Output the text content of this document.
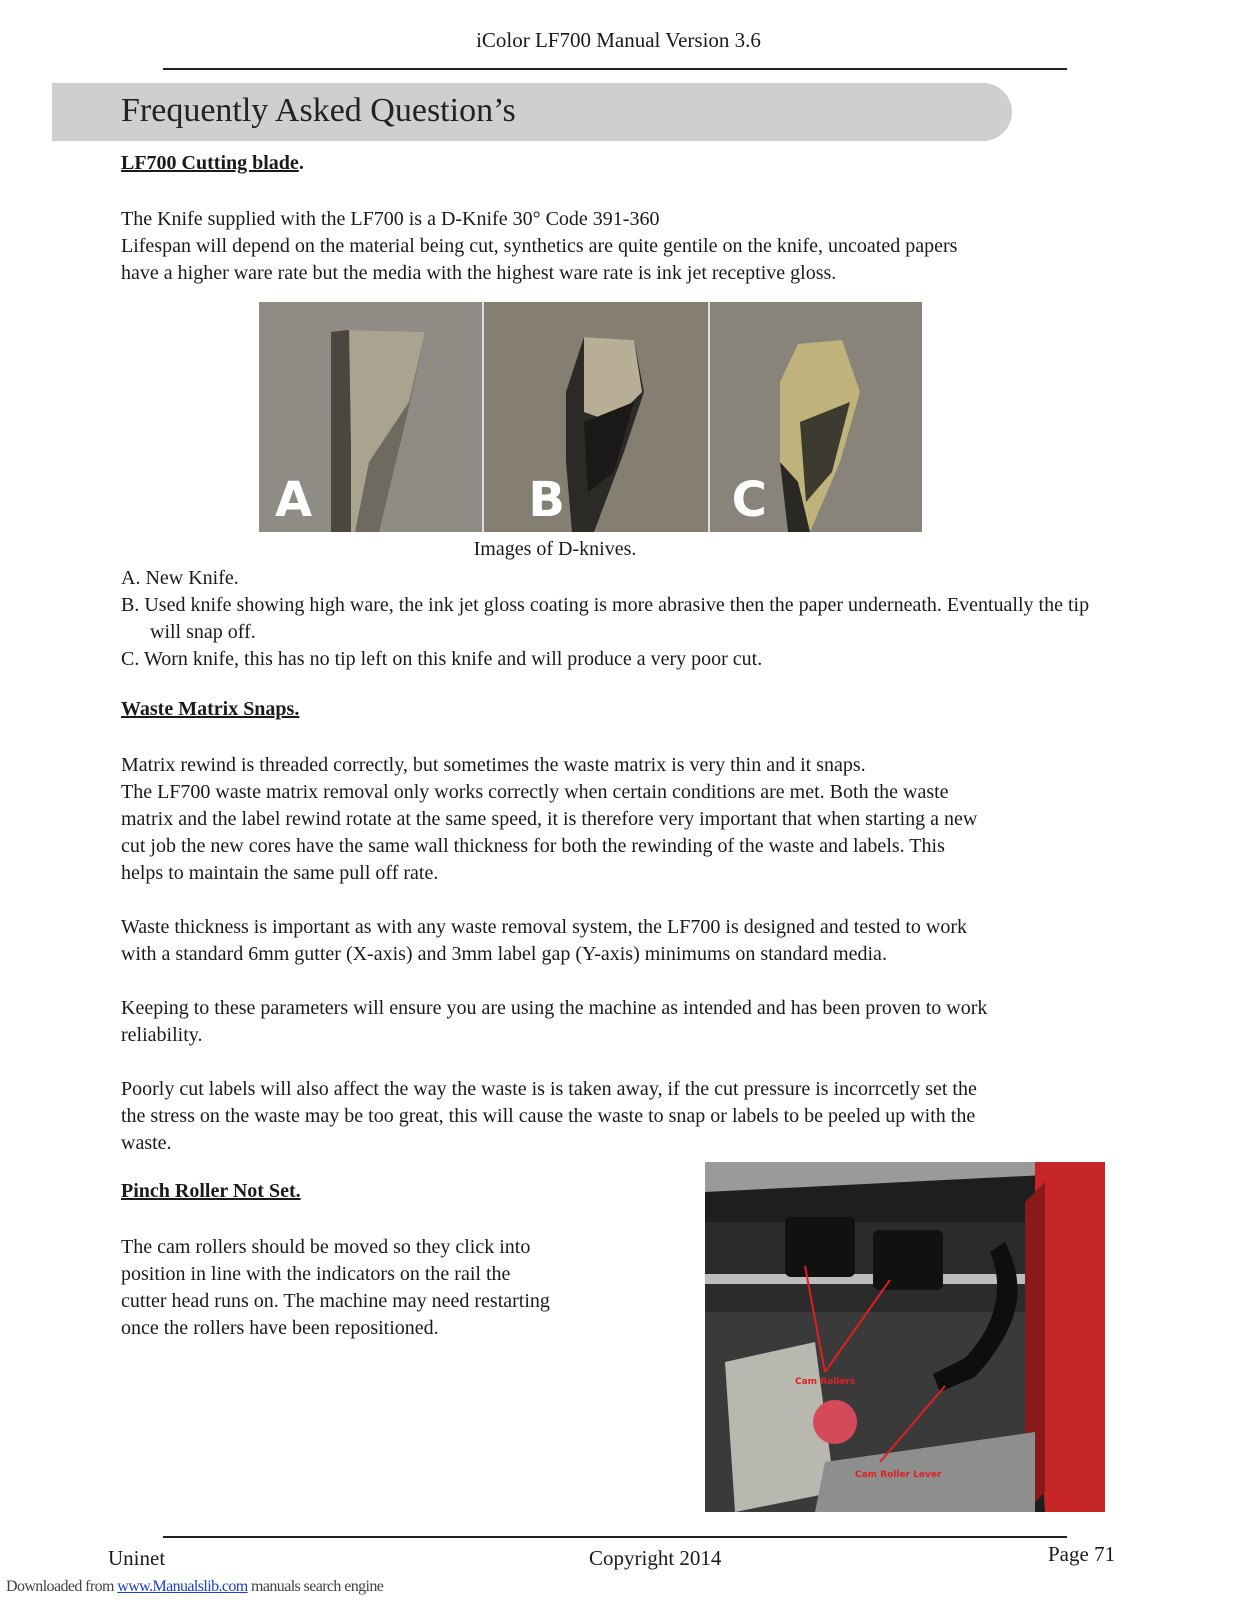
iColor LF700 Manual Version 3.6
Frequently Asked Question’s
LF700 Cutting blade.

The Knife supplied with the LF700 is a D-Knife 30° Code 391-360

Lifespan will depend on the material being cut, synthetics are quite gentile on the knife, uncoated papers

have a higher ware rate but the media with the highest ware rate is ink jet receptive gloss.

A	B	C
Images of D-knives.
A. New Knife.
B. Used knife showing high ware, the ink jet gloss coating is more abrasive then the paper underneath. Eventually the tip will snap off.
C. Worn knife, this has no tip left on this knife and will produce a very poor cut.
Waste Matrix Snaps.

Matrix rewind is threaded correctly, but sometimes the waste matrix is very thin and it snaps.

The LF700 waste matrix removal only works correctly when certain conditions are met. Both the waste

matrix and the label rewind rotate at the same speed, it is therefore very important that when starting a new

cut job the new cores have the same wall thickness for both the rewinding of the waste and labels. This

helps to maintain the same pull off rate.

Waste thickness is important as with any waste removal system, the LF700 is designed and tested to work

with a standard 6mm gutter (X-axis) and 3mm label gap (Y-axis) minimums on standard media.

Keeping to these parameters will ensure you are using the machine as intended and has been proven to work

reliability.

Poorly cut labels will also affect the way the waste is is taken away, if the cut pressure is incorrcetly set the

the stress on the waste may be too great, this will cause the waste to snap or labels to be peeled up with the

waste.

Pinch Roller Not Set.

The cam rollers should be moved so they click into

position in line with the indicators on the rail the

cutter head runs on. The machine may need restarting

once the rollers have been repositioned.

Cam Rollers
Cam Roller Lever
Uninet	Copyright 2014	Page 71
Downloaded from www.Manualslib.com manuals search engine
